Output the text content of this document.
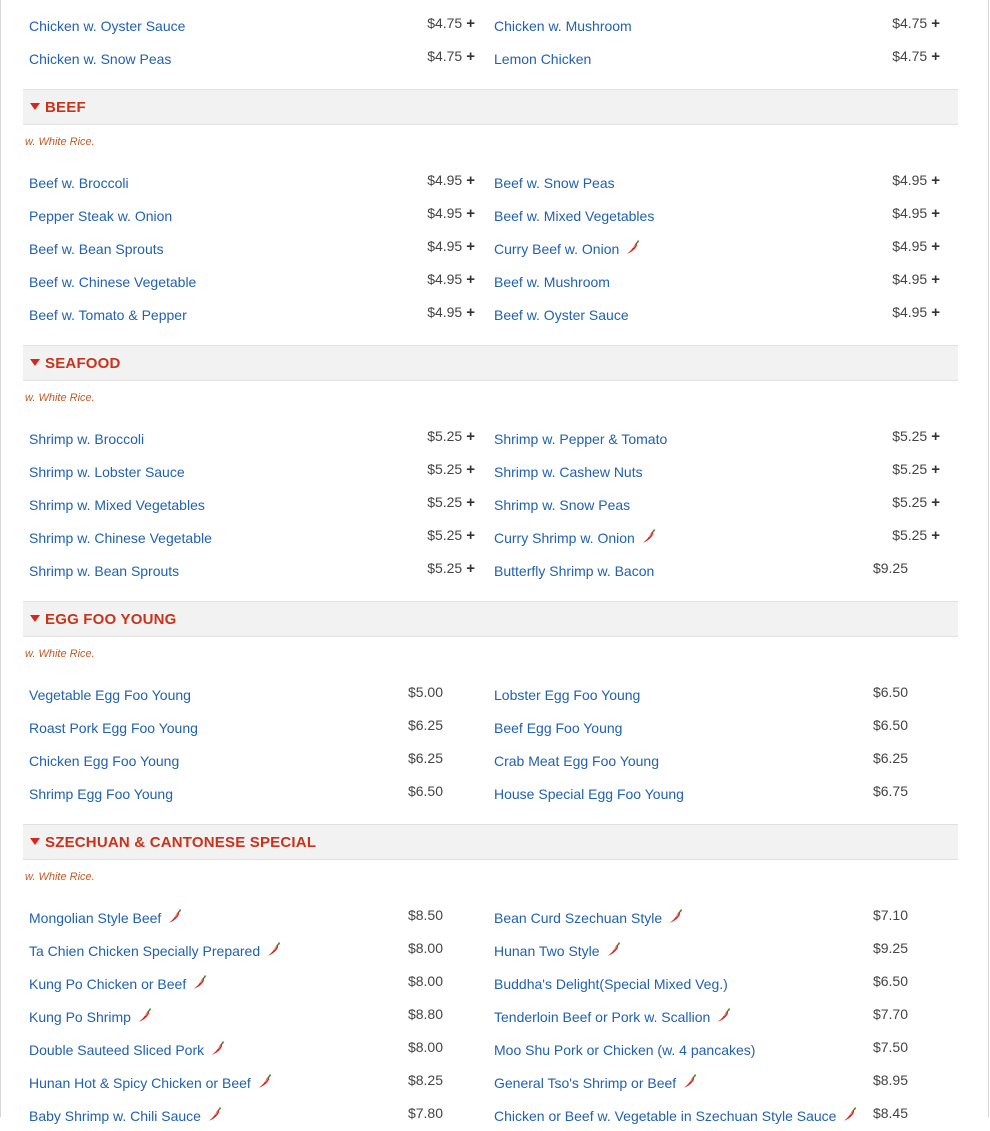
Chicken w. Oyster Sauce	$4.75 + Chicken w. Mushroom	$4.75 +
Chicken w. Snow Peas	$4.75 + Lemon Chicken	$4.75 +
BEEF
w. White Rice.
Beef w. Broccoli	$4.95 + Beef w. Snow Peas	$4.95 +
Pepper Steak w. Onion	$4.95 + Beef w. Mixed Vegetables	$4.95 +
Beef w. Bean Sprouts	$4.95 + Curry Beef w. Onion	$4.95 +
Beef w. Chinese Vegetable	$4.95 + Beef w. Mushroom	$4.95 +
Beef w. Tomato & Pepper	$4.95 + Beef w. Oyster Sauce	$4.95 +
SEAFOOD
w. White Rice.
Shrimp w. Broccoli	$5.25 + Shrimp w. Pepper & Tomato	$5.25 +
Shrimp w. Lobster Sauce	$5.25 + Shrimp w. Cashew Nuts	$5.25 +
Shrimp w. Mixed Vegetables	$5.25 + Shrimp w. Snow Peas	$5.25 +
Shrimp w. Chinese Vegetable	$5.25 + Curry Shrimp w. Onion	$5.25 +
Shrimp w. Bean Sprouts	$5.25 + Butterfly Shrimp w. Bacon	$9.25
EGG FOO YOUNG
w. White Rice.
Vegetable Egg Foo Young	$5.00	Lobster Egg Foo Young	$6.50
Roast Pork Egg Foo Young	$6.25	Beef Egg Foo Young	$6.50
Chicken Egg Foo Young	$6.25	Crab Meat Egg Foo Young	$6.25
Shrimp Egg Foo Young	$6.50	House Special Egg Foo Young	$6.75
SZECHUAN & CANTONESE SPECIAL
w. White Rice.
Mongolian Style Beef	$8.50	Bean Curd Szechuan Style	$7.10
Ta Chien Chicken Specially Prepared	$8.00	Hunan Two Style	$9.25
Kung Po Chicken or Beef	$8.00	Buddha's Delight(Special Mixed Veg.)	$6.50
Kung Po Shrimp	$8.80	Tenderloin Beef or Pork w. Scallion	$7.70
Double Sauteed Sliced Pork	$8.00	Moo Shu Pork or Chicken (w. 4 pancakes)	$7.50
Hunan Hot & Spicy Chicken or Beef	$8.25	General Tso's Shrimp or Beef	$8.95
Baby Shrimp w. Chili Sauce	$7.80	Chicken or Beef w. Vegetable in Szechuan Style Sauce	$8.45
